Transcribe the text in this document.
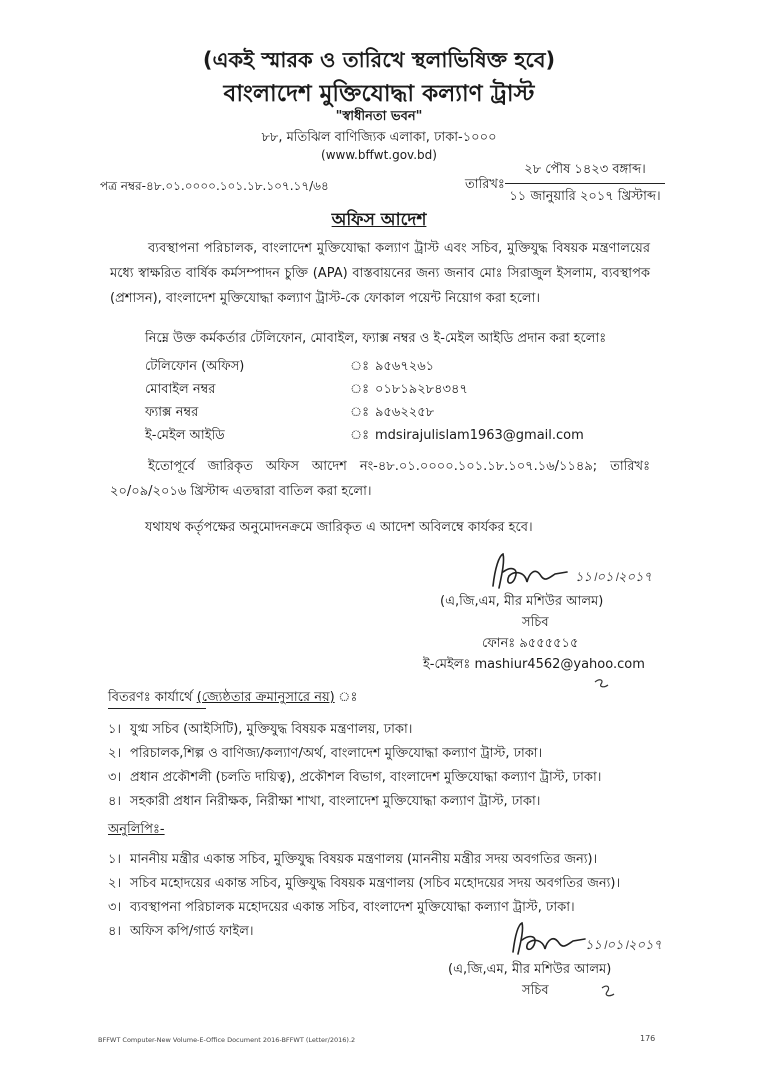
(একই স্মারক ও তারিখে স্থলাভিষিক্ত হবে)
বাংলাদেশ মুক্তিযোদ্ধা কল্যাণ ট্রাস্ট
"স্বাধীনতা ভবন"
৮৮, মতিঝিল বাণিজ্যিক এলাকা, ঢাকা-১০০০
(www.bffwt.gov.bd)
পত্র নম্বর-৪৮.০১.০০০০.১০১.১৮.১০৭.১৭/৬৪	তারিখঃ
২৮ পৌষ ১৪২৩ বঙ্গাব্দ।
১১ জানুয়ারি ২০১৭ খ্রিস্টাব্দ।
অফিস আদেশ
ব্যবস্থাপনা পরিচালক, বাংলাদেশ মুক্তিযোদ্ধা কল্যাণ ট্রাস্ট এবং সচিব, মুক্তিযুদ্ধ বিষয়ক মন্ত্রণালয়ের মধ্যে স্বাক্ষরিত বার্ষিক কর্মসম্পাদন চুক্তি (APA) বাস্তবায়নের জন্য জনাব মোঃ সিরাজুল ইসলাম, ব্যবস্থাপক (প্রশাসন), বাংলাদেশ মুক্তিযোদ্ধা কল্যাণ ট্রাস্ট-কে ফোকাল পয়েন্ট নিয়োগ করা হলো।
নিম্নে উক্ত কর্মকর্তার টেলিফোন, মোবাইল, ফ্যাক্স নম্বর ও ই-মেইল আইডি প্রদান করা হলোঃ
টেলিফোন (অফিস)	ঃ ৯৫৬৭২৬১
মোবাইল নম্বর	ঃ ০১৮১৯২৮৪৩৪৭
ফ্যাক্স নম্বর	ঃ ৯৫৬২২৫৮
ই-মেইল আইডি	ঃ mdsirajulislam1963@gmail.com
ইতোপূর্বে জারিকৃত অফিস আদেশ নং-৪৮.০১.০০০০.১০১.১৮.১০৭.১৬/১১৪৯; তারিখঃ ২০/০৯/২০১৬ খ্রিস্টাব্দ এতদ্বারা বাতিল করা হলো।
যথাযথ কর্তৃপক্ষের অনুমোদনক্রমে জারিকৃত এ আদেশ অবিলম্বে কার্যকর হবে।
১১।০১।২০১৭
(এ,জি,এম, মীর মশিউর আলম)
সচিব
ফোনঃ ৯৫৫৫৫১৫
ই-মেইলঃ mashiur4562@yahoo.com
বিতরণঃ কার্যার্থে (জ্যেষ্ঠতার ক্রমানুসারে নয়) ঃ
১। যুগ্ম সচিব (আইসিটি), মুক্তিযুদ্ধ বিষয়ক মন্ত্রণালয়, ঢাকা।
২। পরিচালক,শিল্প ও বাণিজ্য/কল্যাণ/অর্থ, বাংলাদেশ মুক্তিযোদ্ধা কল্যাণ ট্রাস্ট, ঢাকা।
৩। প্রধান প্রকৌশলী (চলতি দায়িত্ব), প্রকৌশল বিভাগ, বাংলাদেশ মুক্তিযোদ্ধা কল্যাণ ট্রাস্ট, ঢাকা।
৪। সহকারী প্রধান নিরীক্ষক, নিরীক্ষা শাখা, বাংলাদেশ মুক্তিযোদ্ধা কল্যাণ ট্রাস্ট, ঢাকা।
অনুলিপিঃ-
১। মাননীয় মন্ত্রীর একান্ত সচিব, মুক্তিযুদ্ধ বিষয়ক মন্ত্রণালয় (মাননীয় মন্ত্রীর সদয় অবগতির জন্য)।
২। সচিব মহোদয়ের একান্ত সচিব, মুক্তিযুদ্ধ বিষয়ক মন্ত্রণালয় (সচিব মহোদয়ের সদয় অবগতির জন্য)।
৩। ব্যবস্থাপনা পরিচালক মহোদয়ের একান্ত সচিব, বাংলাদেশ মুক্তিযোদ্ধা কল্যাণ ট্রাস্ট, ঢাকা।
৪। অফিস কপি/গার্ড ফাইল।
১১।০১।২০১৭
(এ,জি,এম, মীর মশিউর আলম)
সচিব
BFFWT Computer-New Volume-E-Office Document 2016-BFFWT (Letter/2016).2	176
